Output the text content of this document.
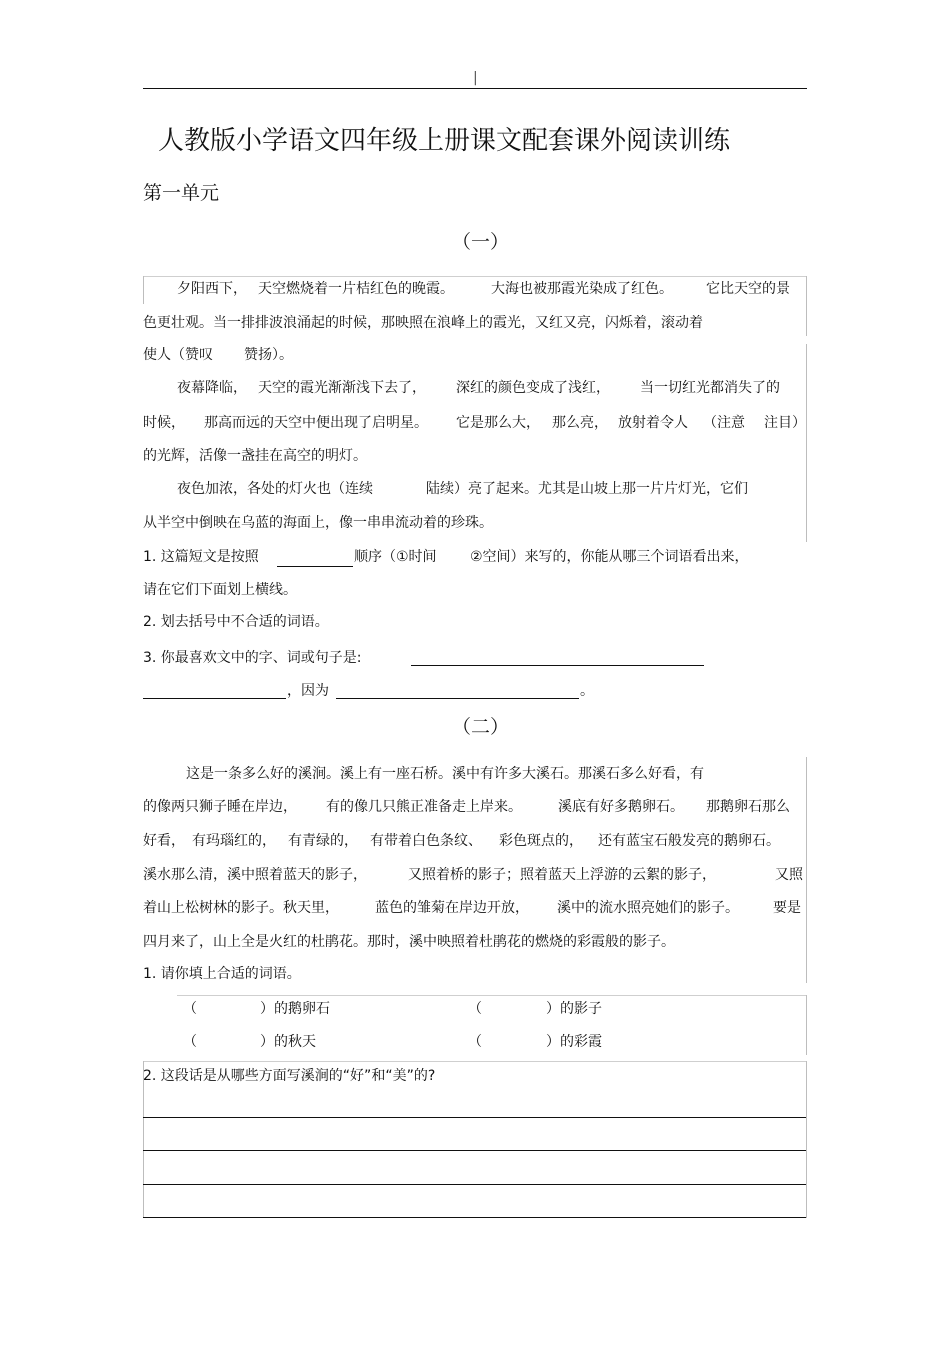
|
人教版小学语文四年级上册课文配套课外阅读训练
第一单元
（一）
夕阳西下， 天空燃烧着一片桔红色的晚霞。	大海也被那霞光染成了红色。 它比天空的景
色更壮观。当一排排波浪涌起的时候，那映照在浪峰上的霞光，又红又亮，闪烁着，滚动着
使人（赞叹 赞扬）。
夜幕降临， 天空的霞光渐渐浅下去了， 深红的颜色变成了浅红， 当一切红光都消失了的
时候， 那高而远的天空中便出现了启明星。 它是那么大， 那么亮， 放射着令人 （注意 注目）
的光辉，活像一盏挂在高空的明灯。
夜色加浓，各处的灯火也（连续	陆续）亮了起来。尤其是山坡上那一片片灯光，它们
从半空中倒映在乌蓝的海面上，像一串串流动着的珍珠。
1. 这篇短文是按照	顺序（①时间 ②空间）来写的，你能从哪三个词语看出来，
请在它们下面划上横线。
2. 划去括号中不合适的词语。
3. 你最喜欢文中的字、词或句子是:
，因为	。
（二）
这是一条多么好的溪涧。溪上有一座石桥。溪中有许多大溪石。那溪石多么好看，有
的像两只狮子睡在岸边， 有的像几只熊正准备走上岸来。	溪底有好多鹅卵石。 那鹅卵石那么
好看， 有玛瑙红的， 有青绿的， 有带着白色条纹、 彩色斑点的， 还有蓝宝石般发亮的鹅卵石。
溪水那么清，溪中照着蓝天的影子，	又照着桥的影子；照着蓝天上浮游的云絮的影子，	又照
着山上松树林的影子。秋天里，	蓝色的雏菊在岸边开放， 溪中的流水照亮她们的影子。 要是
四月来了，山上全是火红的杜鹃花。那时，溪中映照着杜鹃花的燃烧的彩霞般的影子。
1. 请你填上合适的词语。
（	）的鹅卵石	（	）的影子
（	）的秋天	（	）的彩霞
2. 这段话是从哪些方面写溪涧的“好”和“美”的?
